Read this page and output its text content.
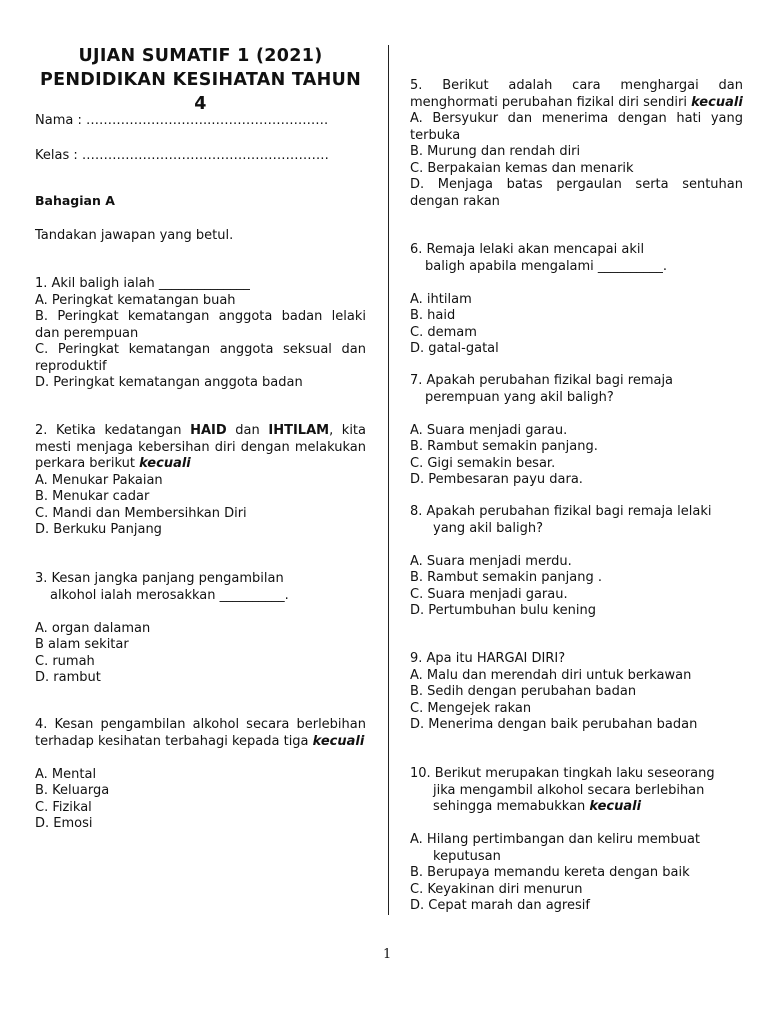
UJIAN SUMATIF 1 (2021)
PENDIDIKAN KESIHATAN TAHUN 4
Nama : ………………………..………………………
Kelas : …………………………………………………
Bahagian A
Tandakan jawapan yang betul.

1. Akil baligh ialah ______________

A. Peringkat kematangan buah

B. Peringkat kematangan anggota badan lelaki dan perempuan

C. Peringkat kematangan anggota seksual dan reproduktif

D. Peringkat kematangan anggota badan

2. Ketika kedatangan HAID dan IHTILAM, kita mesti menjaga kebersihan diri dengan melakukan perkara berikut kecuali

A. Menukar Pakaian

B. Menukar cadar

C. Mandi dan Membersihkan Diri

D. Berkuku Panjang

3. Kesan jangka panjang pengambilan

alkohol ialah merosakkan __________.

A. organ dalaman

B alam sekitar

C. rumah

D. rambut

4. Kesan pengambilan alkohol secara berlebihan terhadap kesihatan terbahagi kepada tiga kecuali

A. Mental

B. Keluarga

C. Fizikal

D. Emosi

5. Berikut adalah cara menghargai dan menghormati perubahan fizikal diri sendiri kecuali

A. Bersyukur dan menerima dengan hati yang terbuka

B. Murung dan rendah diri

C. Berpakaian kemas dan menarik

D. Menjaga batas pergaulan serta sentuhan dengan rakan

6. Remaja lelaki akan mencapai akil

baligh apabila mengalami __________.

A. ihtilam

B. haid

C. demam

D. gatal-gatal

7. Apakah perubahan fizikal bagi remaja

perempuan yang akil baligh?

A. Suara menjadi garau.

B. Rambut semakin panjang.

C. Gigi semakin besar.

D. Pembesaran payu dara.

8. Apakah perubahan fizikal bagi remaja lelaki

yang akil baligh?

A. Suara menjadi merdu.

B. Rambut semakin panjang .

C. Suara menjadi garau.

D. Pertumbuhan bulu kening

9. Apa itu HARGAI DIRI?

A. Malu dan merendah diri untuk berkawan

B. Sedih dengan perubahan badan

C. Mengejek rakan

D. Menerima dengan baik perubahan badan

10. Berikut merupakan tingkah laku seseorang

jika mengambil alkohol secara berlebihan

sehingga memabukkan kecuali

A. Hilang pertimbangan dan keliru membuat

keputusan

B. Berupaya memandu kereta dengan baik

C. Keyakinan diri menurun

D. Cepat marah dan agresif

1
